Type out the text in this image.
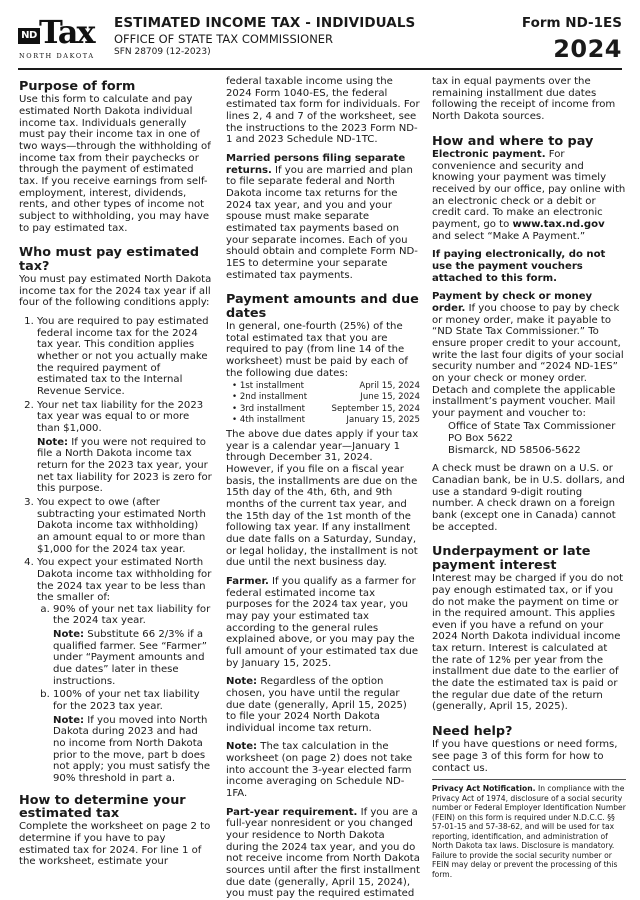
ND Tax
NORTH DAKOTA
ESTIMATED INCOME TAX - INDIVIDUALS
OFFICE OF STATE TAX COMMISSIONER
SFN 28709 (12-2023)
Form ND-1ES
2024
Purpose of form

Use this form to calculate and pay estimated North Dakota individual income tax. Individuals generally must pay their income tax in one of two ways—through the withholding of income tax from their paychecks or through the payment of estimated tax. If you receive earnings from self-employment, interest, dividends, rents, and other types of income not subject to withholding, you may have to pay estimated tax.

Who must pay estimated tax?

You must pay estimated North Dakota income tax for the 2024 tax year if all four of the following conditions apply:

1. You are required to pay estimated federal income tax for the 2024 tax year. This condition applies whether or not you actually make the required payment of estimated tax to the Internal Revenue Service.
2. Your net tax liability for the 2023 tax year was equal to or more than $1,000.
Note: If you were not required to file a North Dakota income tax return for the 2023 tax year, your net tax liability for 2023 is zero for this purpose.
3. You expect to owe (after subtracting your estimated North Dakota income tax withholding) an amount equal to or more than $1,000 for the 2024 tax year.
4. You expect your estimated North Dakota income tax withholding for the 2024 tax year to be less than the smaller of:
a. 90% of your net tax liability for the 2024 tax year.
Note: Substitute 66 2/3% if a qualified farmer. See “Farmer” under “Payment amounts and due dates” later in these instructions.
b. 100% of your net tax liability for the 2023 tax year.
Note: If you moved into North Dakota during 2023 and had no income from North Dakota prior to the move, part b does not apply; you must satisfy the 90% threshold in part a.
How to determine your estimated tax

Complete the worksheet on page 2 to determine if you have to pay estimated tax for 2024. For line 1 of the worksheet, estimate your

federal taxable income using the 2024 Form 1040-ES, the federal estimated tax form for individuals. For lines 2, 4 and 7 of the worksheet, see the instructions to the 2023 Form ND-1 and 2023 Schedule ND-1TC.

Married persons filing separate returns. If you are married and plan to file separate federal and North Dakota income tax returns for the 2024 tax year, and you and your spouse must make separate estimated tax payments based on your separate incomes. Each of you should obtain and complete Form ND-1ES to determine your separate estimated tax payments.

Payment amounts and due dates

In general, one-fourth (25%) of the total estimated tax that you are required to pay (from line 14 of the worksheet) must be paid by each of the following due dates:

• 1st installment	April 15, 2024
• 2nd installment	June 15, 2024
• 3rd installment	September 15, 2024
• 4th installment	January 15, 2025

The above due dates apply if your tax year is a calendar year—January 1 through December 31, 2024. However, if you file on a fiscal year basis, the installments are due on the 15th day of the 4th, 6th, and 9th months of the current tax year, and the 15th day of the 1st month of the following tax year. If any installment due date falls on a Saturday, Sunday, or legal holiday, the installment is not due until the next business day.

Farmer. If you qualify as a farmer for federal estimated income tax purposes for the 2024 tax year, you may pay your estimated tax according to the general rules explained above, or you may pay the full amount of your estimated tax due by January 15, 2025.

Note: Regardless of the option chosen, you have until the regular due date (generally, April 15, 2025) to file your 2024 North Dakota individual income tax return.

Note: The tax calculation in the worksheet (on page 2) does not take into account the 3-year elected farm income averaging on Schedule ND-1FA.

Part-year requirement. If you are a full-year nonresident or you changed your residence to North Dakota during the 2024 tax year, and you do not receive income from North Dakota sources until after the first installment due date (generally, April 15, 2024), you must pay the required estimated

tax in equal payments over the remaining installment due dates following the receipt of income from North Dakota sources.

How and where to pay

Electronic payment. For convenience and security and knowing your payment was timely received by our office, pay online with an electronic check or a debit or credit card. To make an electronic payment, go to www.tax.nd.gov and select “Make A Payment.”

If paying electronically, do not use the payment vouchers attached to this form.

Payment by check or money order. If you choose to pay by check or money order, make it payable to “ND State Tax Commissioner.” To ensure proper credit to your account, write the last four digits of your social security number and “2024 ND-1ES” on your check or money order. Detach and complete the applicable installment’s payment voucher. Mail your payment and voucher to:

Office of State Tax Commissioner
PO Box 5622
Bismarck, ND 58506-5622

A check must be drawn on a U.S. or Canadian bank, be in U.S. dollars, and use a standard 9-digit routing number. A check drawn on a foreign bank (except one in Canada) cannot be accepted.

Underpayment or late payment interest

Interest may be charged if you do not pay enough estimated tax, or if you do not make the payment on time or in the required amount. This applies even if you have a refund on your 2024 North Dakota individual income tax return. Interest is calculated at the rate of 12% per year from the installment due date to the earlier of the date the estimated tax is paid or the regular due date of the return (generally, April 15, 2025).

Need help?

If you have questions or need forms, see page 3 of this form for how to contact us.

Privacy Act Notification. In compliance with the Privacy Act of 1974, disclosure of a social security number or Federal Employer Identification Number (FEIN) on this form is required under N.D.C.C. §§ 57-01-15 and 57-38-62, and will be used for tax reporting, identification, and administration of North Dakota tax laws. Disclosure is mandatory. Failure to provide the social security number or FEIN may delay or prevent the processing of this form.
